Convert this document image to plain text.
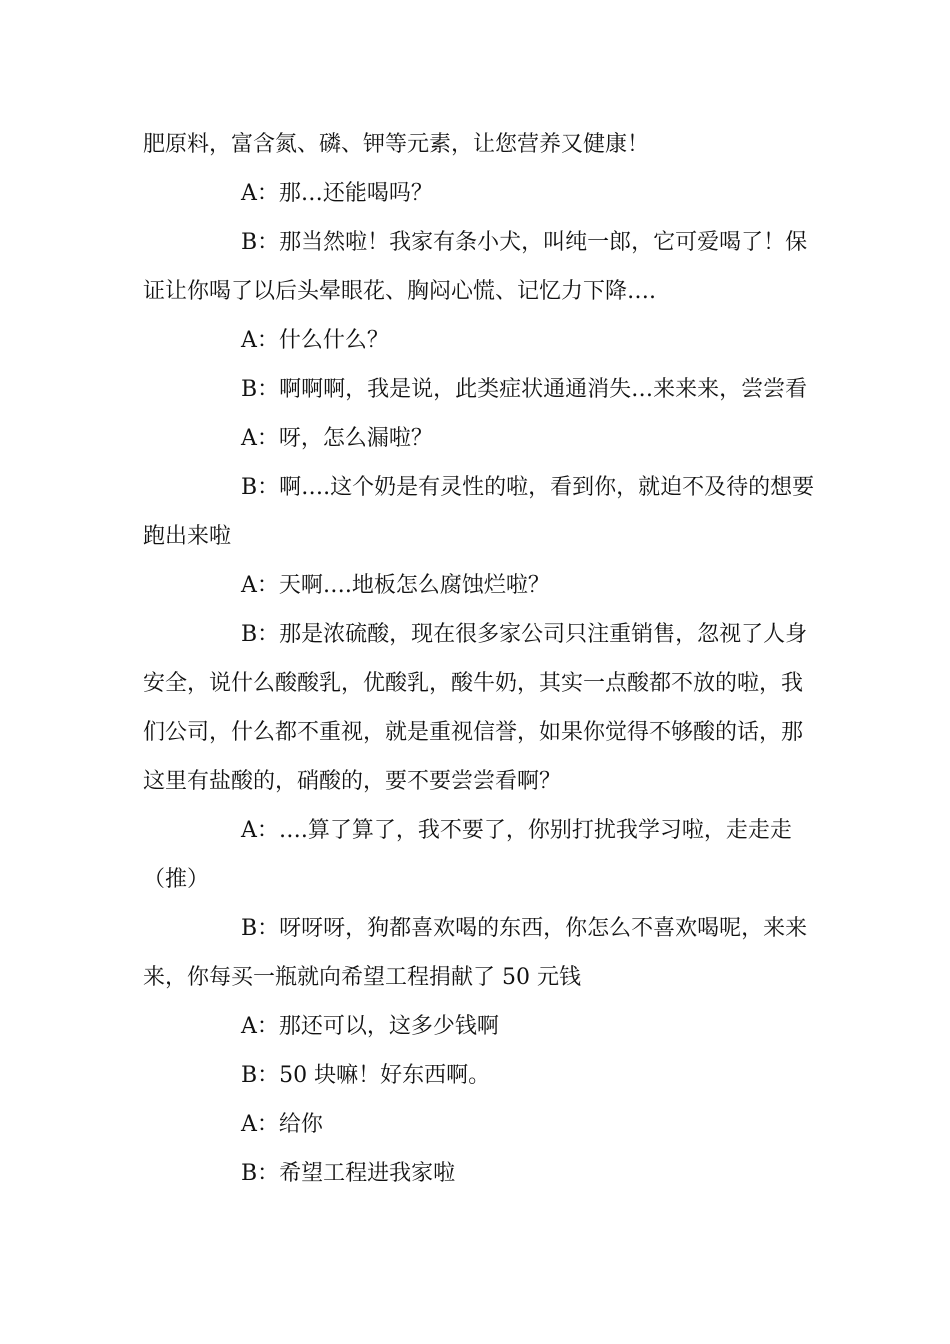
肥原料，富含氮、磷、钾等元素，让您营养又健康！

A：那…还能喝吗？

B：那当然啦！我家有条小犬，叫纯一郎，它可爱喝了！保证让你喝了以后头晕眼花、胸闷心慌、记忆力下降….

A：什么什么？

B：啊啊啊，我是说，此类症状通通消失…来来来，尝尝看

A：呀，怎么漏啦？

B：啊….这个奶是有灵性的啦，看到你，就迫不及待的想要跑出来啦

A：天啊….地板怎么腐蚀烂啦？

B：那是浓硫酸，现在很多家公司只注重销售，忽视了人身安全，说什么酸酸乳，优酸乳，酸牛奶，其实一点酸都不放的啦，我们公司，什么都不重视，就是重视信誉，如果你觉得不够酸的话，那这里有盐酸的，硝酸的，要不要尝尝看啊？

A：….算了算了，我不要了，你别打扰我学习啦，走走走（推）

B：呀呀呀，狗都喜欢喝的东西，你怎么不喜欢喝呢，来来来，你每买一瓶就向希望工程捐献了 50 元钱

A：那还可以，这多少钱啊

B：50 块嘛！好东西啊。

A：给你

B：希望工程进我家啦
